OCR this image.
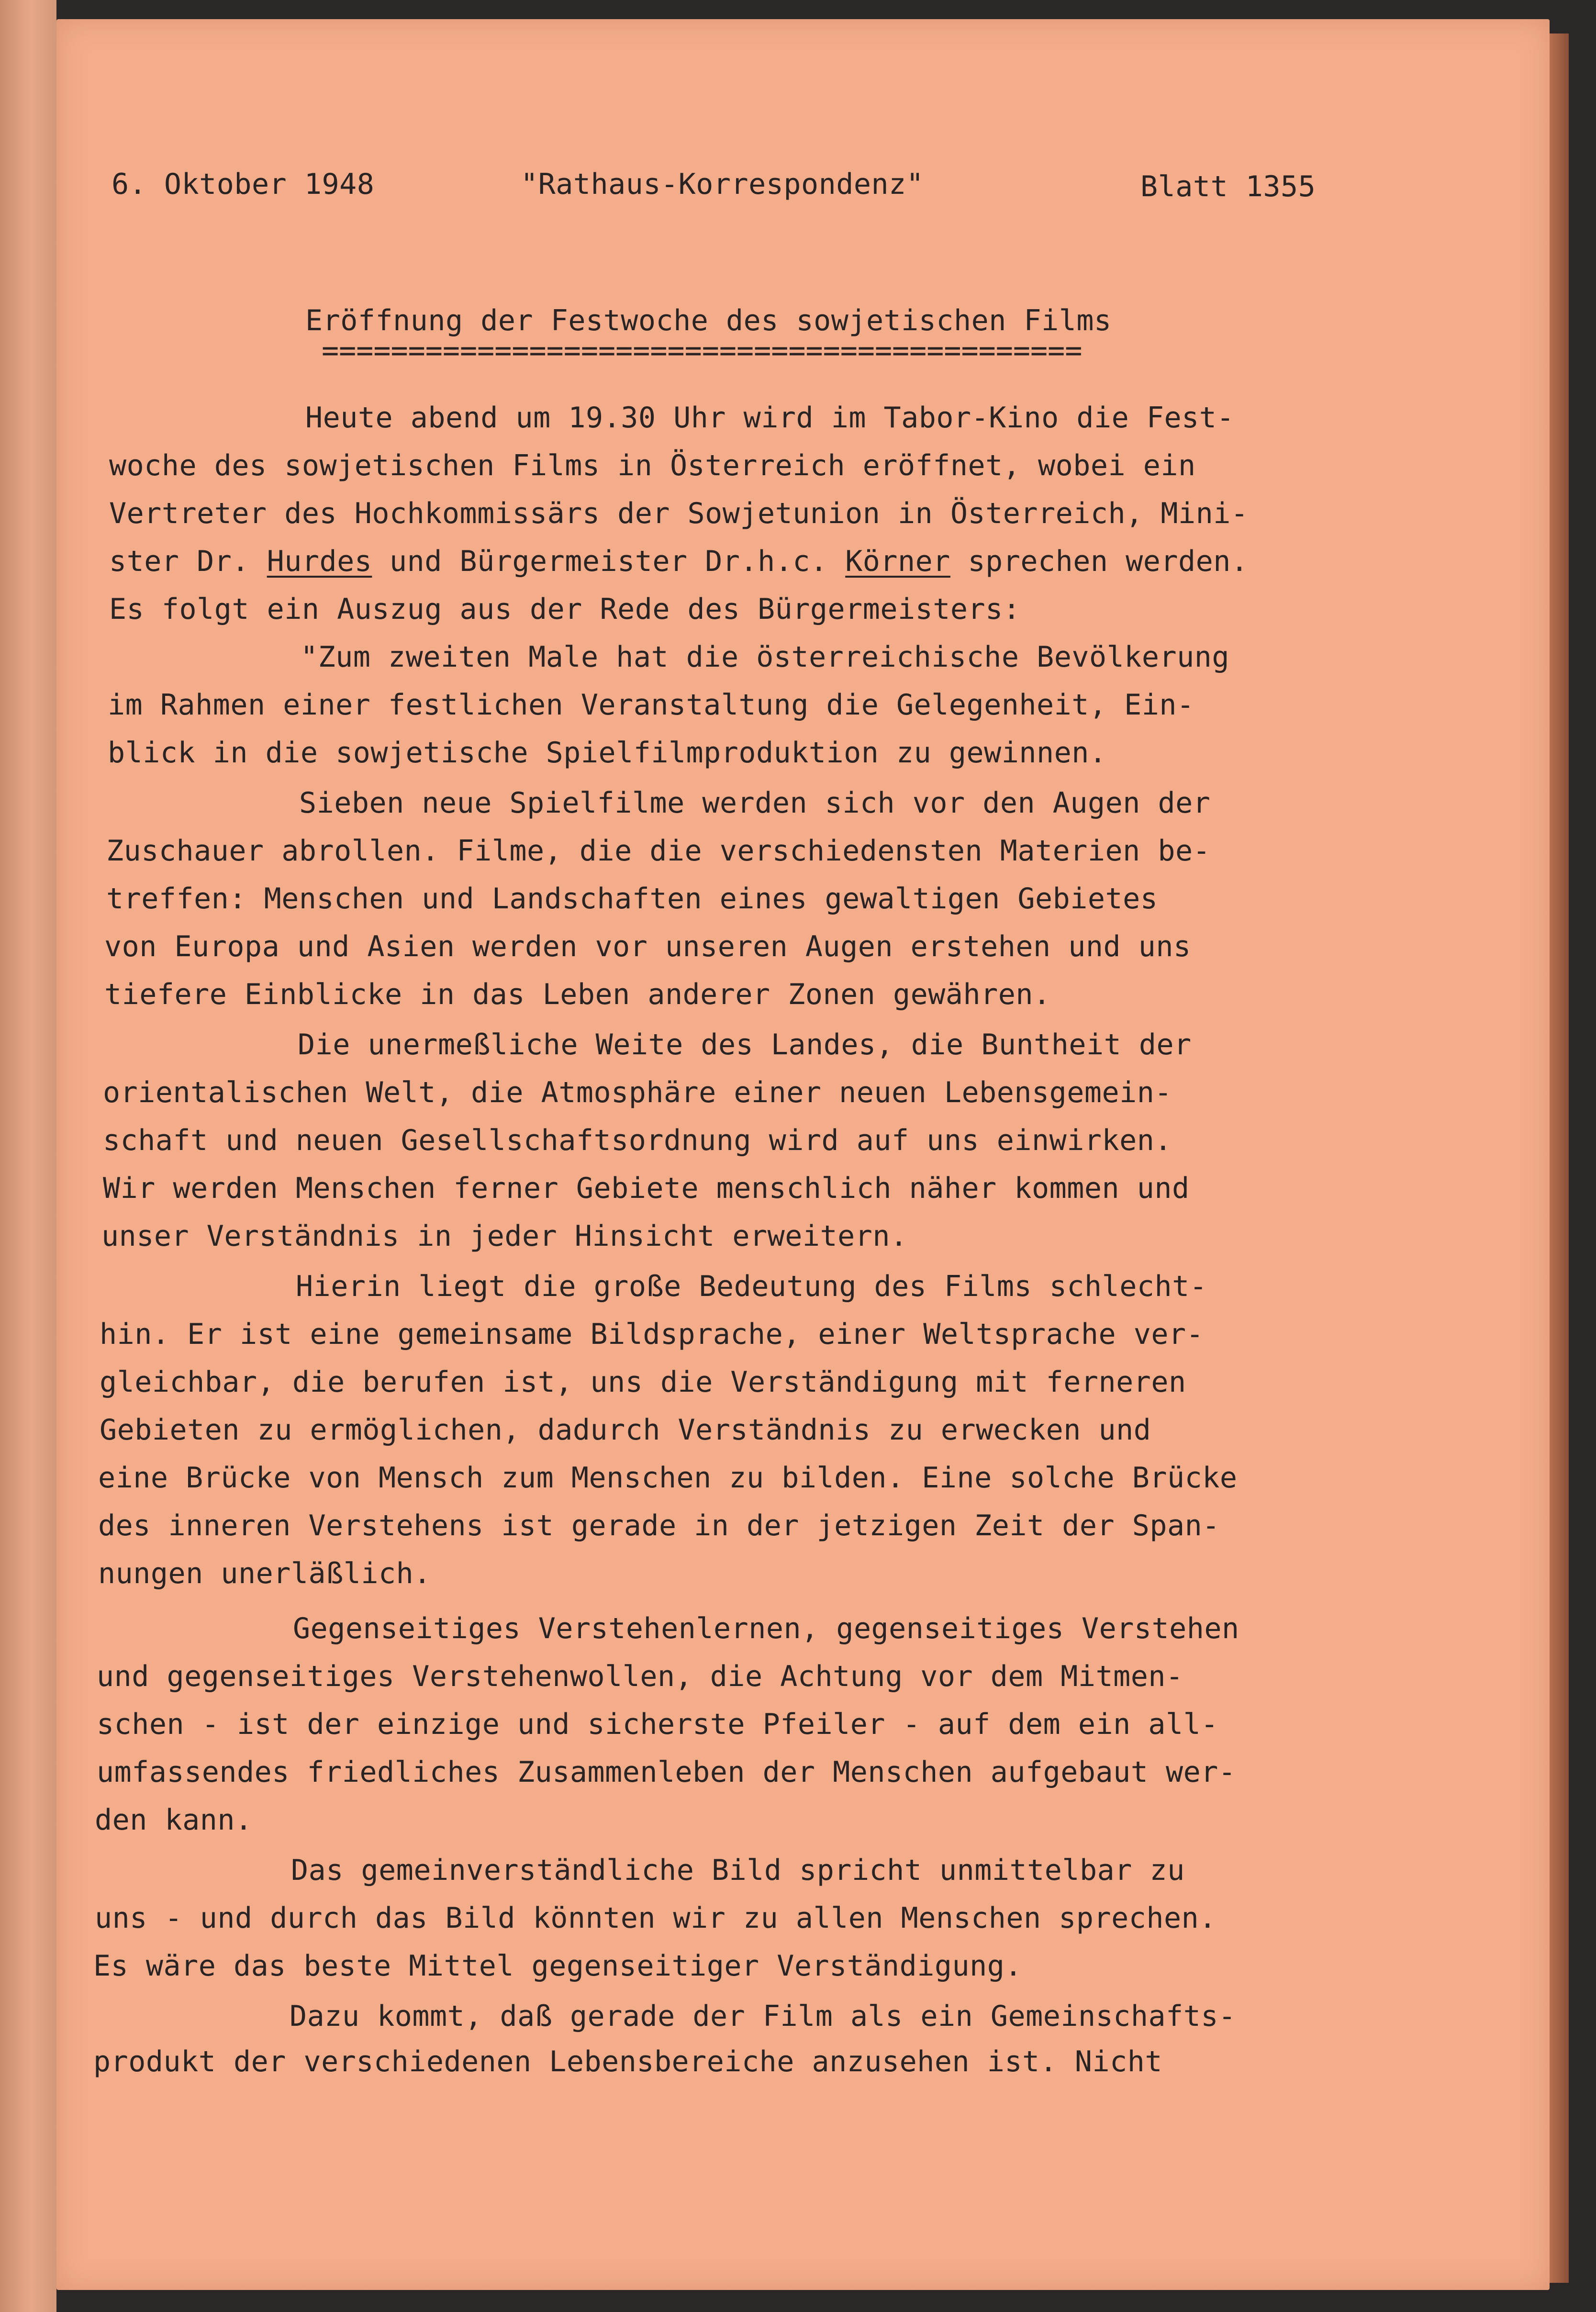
6. Oktober 1948	"Rathaus-Korrespondenz"	Blatt 1355
Eröffnung der Festwoche des sowjetischen Films
============================================
Heute abend um 19.30 Uhr wird im Tabor-Kino die Fest-
woche des sowjetischen Films in Österreich eröffnet, wobei ein
Vertreter des Hochkommissärs der Sowjetunion in Österreich, Mini-
ster Dr. Hurdes und Bürgermeister Dr.h.c. Körner sprechen werden.
Es folgt ein Auszug aus der Rede des Bürgermeisters:
"Zum zweiten Male hat die österreichische Bevölkerung
im Rahmen einer festlichen Veranstaltung die Gelegenheit, Ein-
blick in die sowjetische Spielfilmproduktion zu gewinnen.
Sieben neue Spielfilme werden sich vor den Augen der
Zuschauer abrollen. Filme, die die verschiedensten Materien be-
treffen: Menschen und Landschaften eines gewaltigen Gebietes
von Europa und Asien werden vor unseren Augen erstehen und uns
tiefere Einblicke in das Leben anderer Zonen gewähren.
Die unermeßliche Weite des Landes, die Buntheit der
orientalischen Welt, die Atmosphäre einer neuen Lebensgemein-
schaft und neuen Gesellschaftsordnung wird auf uns einwirken.
Wir werden Menschen ferner Gebiete menschlich näher kommen und
unser Verständnis in jeder Hinsicht erweitern.
Hierin liegt die große Bedeutung des Films schlecht-
hin. Er ist eine gemeinsame Bildsprache, einer Weltsprache ver-
gleichbar, die berufen ist, uns die Verständigung mit ferneren
Gebieten zu ermöglichen, dadurch Verständnis zu erwecken und
eine Brücke von Mensch zum Menschen zu bilden. Eine solche Brücke
des inneren Verstehens ist gerade in der jetzigen Zeit der Span-
nungen unerläßlich.
Gegenseitiges Verstehenlernen, gegenseitiges Verstehen
und gegenseitiges Verstehenwollen, die Achtung vor dem Mitmen-
schen - ist der einzige und sicherste Pfeiler - auf dem ein all-
umfassendes friedliches Zusammenleben der Menschen aufgebaut wer-
den kann.
Das gemeinverständliche Bild spricht unmittelbar zu
uns - und durch das Bild könnten wir zu allen Menschen sprechen.
Es wäre das beste Mittel gegenseitiger Verständigung.
Dazu kommt, daß gerade der Film als ein Gemeinschafts-
produkt der verschiedenen Lebensbereiche anzusehen ist. Nicht
